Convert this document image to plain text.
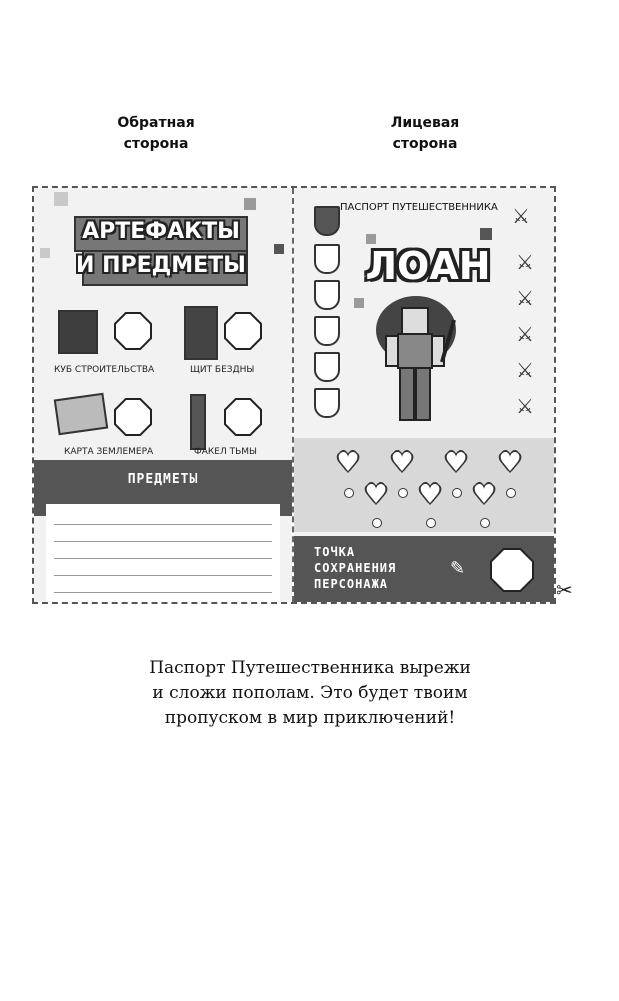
Обратная
сторона
Лицевая
сторона
АРТЕФАКТЫ
И ПРЕДМЕТЫ
КУБ СТРОИТЕЛЬСТВА	ЩИТ БЕЗДНЫ
КАРТА ЗЕМЛЕМЕРА	ФАКЕЛ ТЬМЫ
ПРЕДМЕТЫ
ПАСПОРТ ПУТЕШЕСТВЕННИКА ⚔
ЛОАН	⚔
⚔
⚔
⚔
⚔
♥ ♥ ♥ ♥
♥ ♥ ♥
ТОЧКА
СОХРАНЕНИЯ
ПЕРСОНАЖА
✎
✂
Паспорт Путешественника вырежи
и сложи пополам. Это будет твоим
пропуском в мир приключений!
